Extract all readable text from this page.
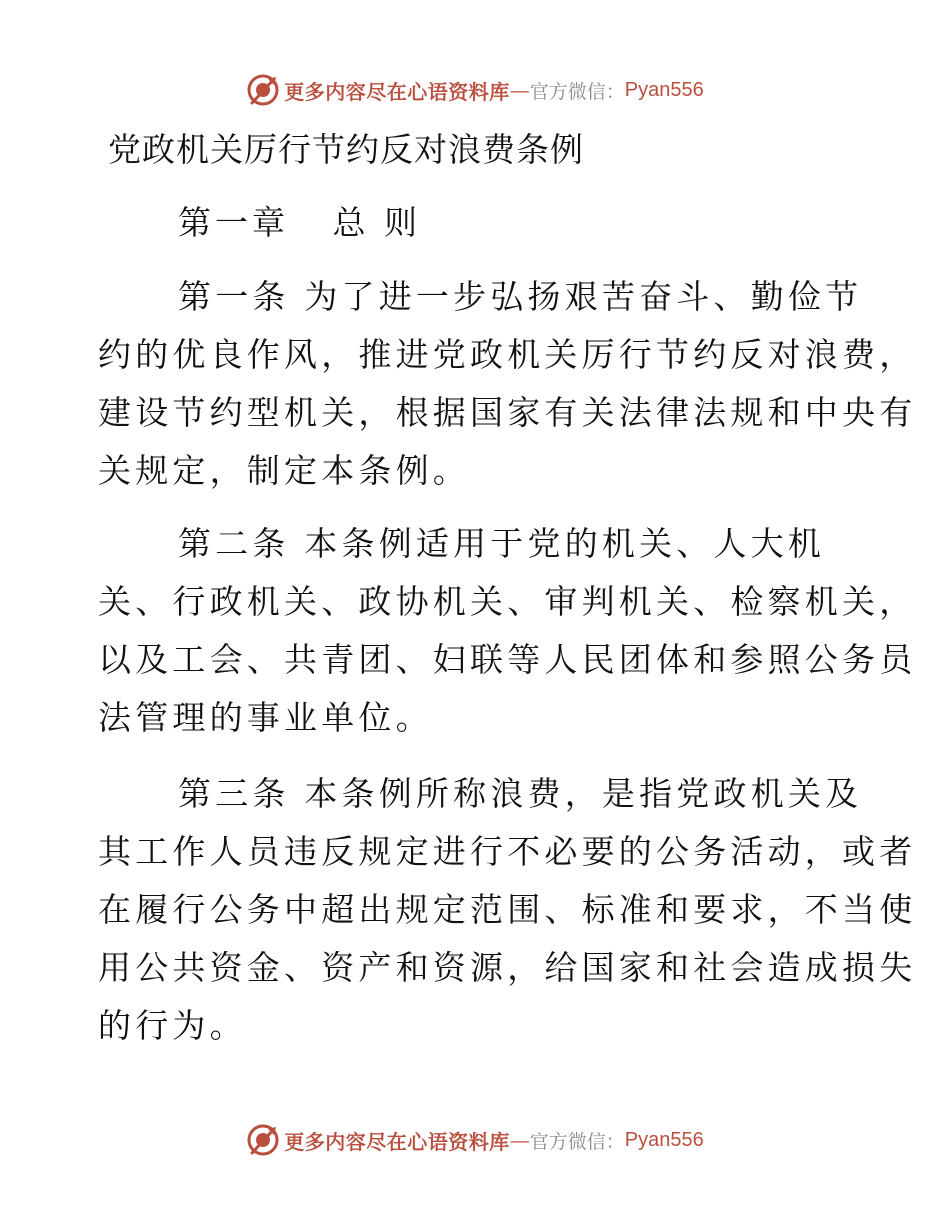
更多内容尽在心语资料库 — 官方微信： Pyan556
党政机关厉行节约反对浪费条例
第一章   总 则
第一条 为了进一步弘扬艰苦奋斗、勤俭节
约的优良作风，推进党政机关厉行节约反对浪费，
建设节约型机关，根据国家有关法律法规和中央有
关规定，制定本条例。
第二条 本条例适用于党的机关、人大机
关、行政机关、政协机关、审判机关、检察机关，
以及工会、共青团、妇联等人民团体和参照公务员
法管理的事业单位。
第三条 本条例所称浪费，是指党政机关及
其工作人员违反规定进行不必要的公务活动，或者
在履行公务中超出规定范围、标准和要求，不当使
用公共资金、资产和资源，给国家和社会造成损失
的行为。
更多内容尽在心语资料库 — 官方微信： Pyan556
